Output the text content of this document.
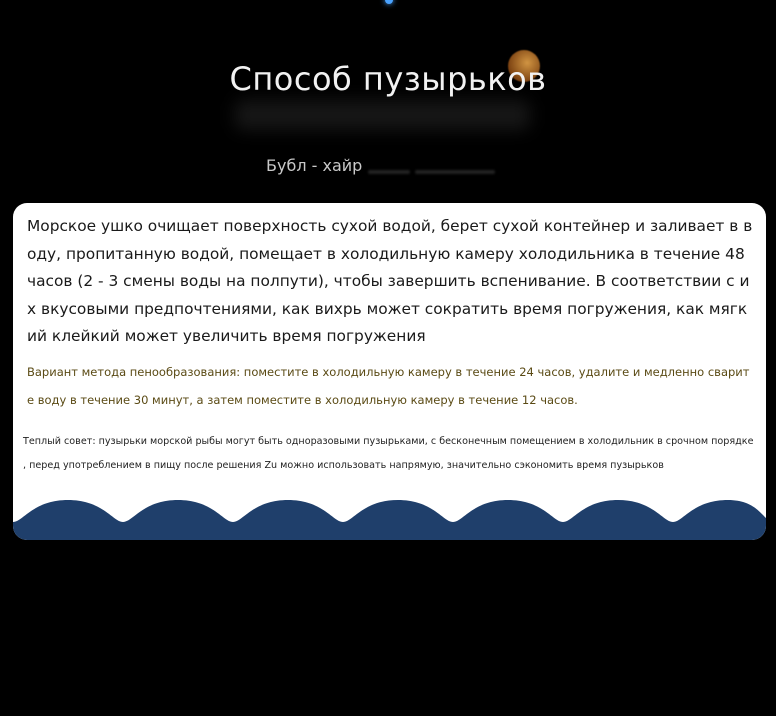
Способ пузырьков
Бубл - хайр

Морское ушко очищает поверхность сухой водой, берет сухой контейнер и заливает в воду, пропитанную водой, помещает в холодильную камеру холодильника в течение 48 часов (2 - 3 смены воды на полпути), чтобы завершить вспенивание. В соответствии с их вкусовыми предпочтениями, как вихрь может сократить время погружения, как мягкий клейкий может увеличить время погружения

Вариант метода пенообразования: поместите в холодильную камеру в течение 24 часов, удалите и медленно сварите воду в течение 30 минут, а затем поместите в холодильную камеру в течение 12 часов.

Теплый совет: пузырьки морской рыбы могут быть одноразовыми пузырьками, с бесконечным помещением в холодильник в срочном порядке , перед употреблением в пищу после решения Zu можно использовать напрямую, значительно сэкономить время пузырьков
